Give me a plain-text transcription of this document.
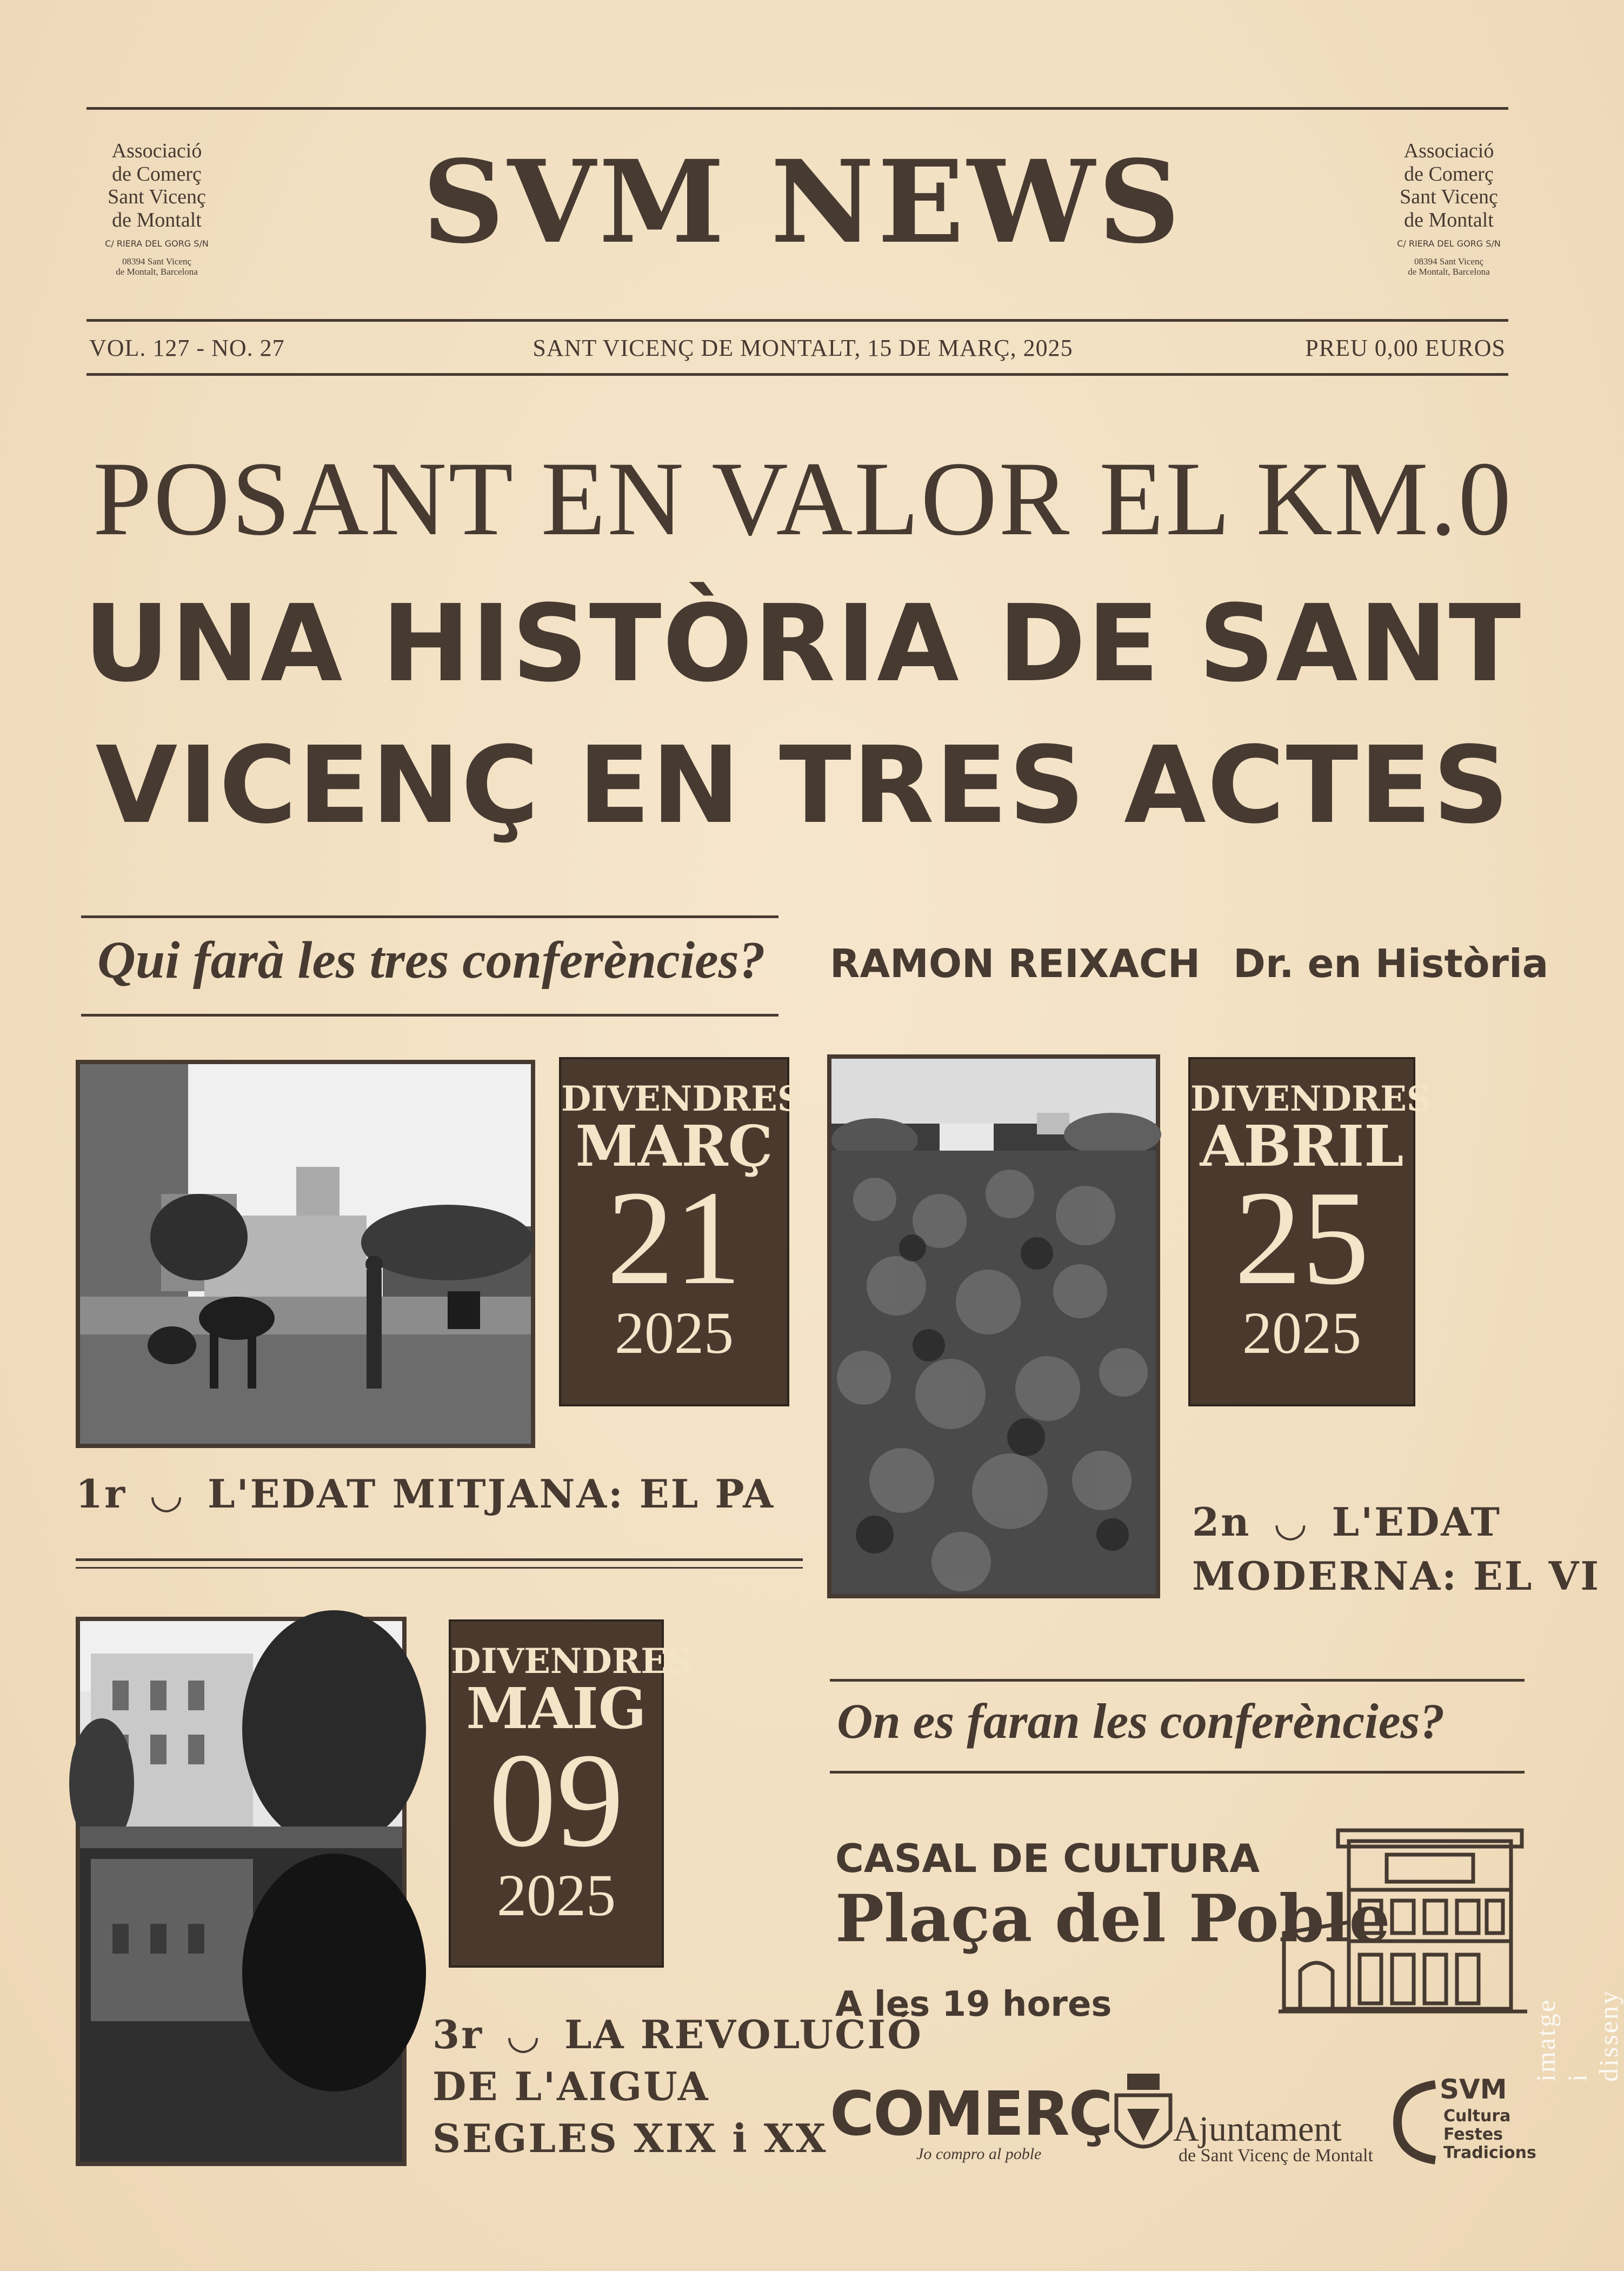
Associació
de Comerç
Sant Vicenç
de Montalt
C/ RIERA DEL GORG S/N
08394 Sant Vicenç
de Montalt, Barcelona
Associació
de Comerç
Sant Vicenç
de Montalt
C/ RIERA DEL GORG S/N
08394 Sant Vicenç
de Montalt, Barcelona
SVM NEWS
VOL. 127 - NO. 27	SANT VICENÇ DE MONTALT, 15 DE MARÇ, 2025	PREU 0,00 EUROS
POSANT EN VALOR EL KM.0
UNA HISTÒRIA DE SANT
VICENÇ EN TRES ACTES
Qui farà les tres conferències? RAMON REIXACH Dr. en Història
DIVENDRES
MARÇ
21
2025
1r ◡ L'EDAT MITJANA: EL PA
DIVENDRES
ABRIL
25
2025
2n ◡ L'EDAT
MODERNA: EL VI
DIVENDRES
MAIG
09
2025
3r ◡ LA REVOLUCIÓ
DE L'AIGUA
SEGLES XIX i XX
On es faran les conferències?
CASAL DE CULTURA
Plaça del Poble
A les 19 hores
COMERÇ
Jo compro al poble
Ajuntament
de Sant Vicenç de Montalt
SVM
Cultura
Festes
Tradicions
imatge i disseny
